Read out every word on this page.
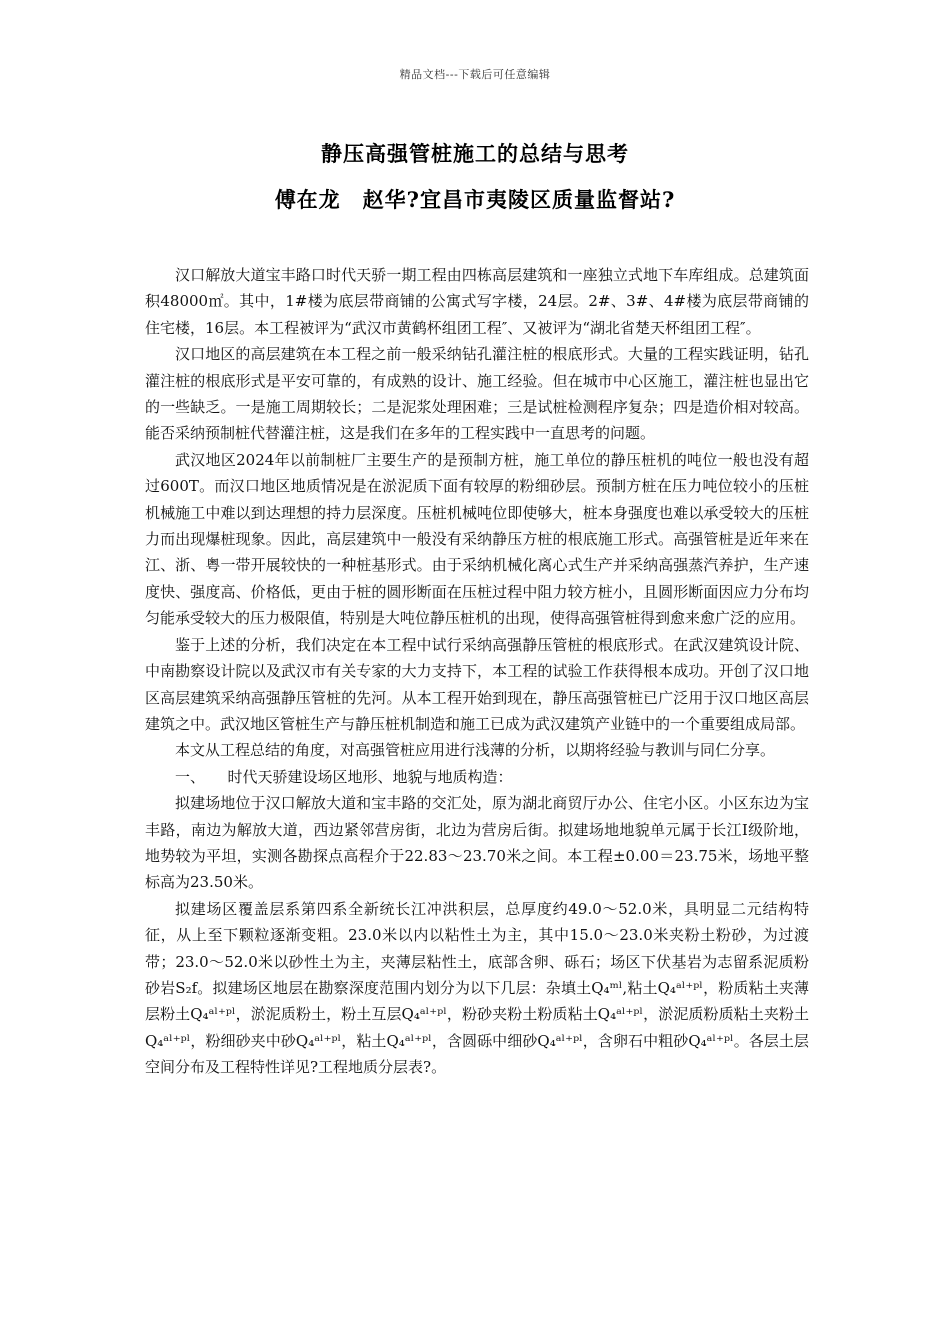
精品文档---下载后可任意编辑
静压高强管桩施工的总结与思考
傅在龙　赵华?宜昌市夷陵区质量监督站?

汉口解放大道宝丰路口时代天骄一期工程由四栋高层建筑和一座独立式地下车库组成。总建筑面积48000㎡。其中，1#楼为底层带商铺的公寓式写字楼，24层。2#、3#、4#楼为底层带商铺的住宅楼，16层。本工程被评为“武汉市黄鹤杯组团工程″、又被评为“湖北省楚天杯组团工程″。

汉口地区的高层建筑在本工程之前一般采纳钻孔灌注桩的根底形式。大量的工程实践证明，钻孔灌注桩的根底形式是平安可靠的，有成熟的设计、施工经验。但在城市中心区施工，灌注桩也显出它的一些缺乏。一是施工周期较长；二是泥浆处理困难；三是试桩检测程序复杂；四是造价相对较高。能否采纳预制桩代替灌注桩，这是我们在多年的工程实践中一直思考的问题。

武汉地区2024年以前制桩厂主要生产的是预制方桩，施工单位的静压桩机的吨位一般也没有超过600T。而汉口地区地质情况是在淤泥质下面有较厚的粉细砂层。预制方桩在压力吨位较小的压桩机械施工中难以到达理想的持力层深度。压桩机械吨位即使够大，桩本身强度也难以承受较大的压桩力而出现爆桩现象。因此，高层建筑中一般没有采纳静压方桩的根底施工形式。高强管桩是近年来在江、浙、粤一带开展较快的一种桩基形式。由于采纳机械化离心式生产并采纳高强蒸汽养护，生产速度快、强度高、价格低，更由于桩的圆形断面在压桩过程中阻力较方桩小，且圆形断面因应力分布均匀能承受较大的压力极限值，特别是大吨位静压桩机的出现，使得高强管桩得到愈来愈广泛的应用。

鉴于上述的分析，我们决定在本工程中试行采纳高强静压管桩的根底形式。在武汉建筑设计院、中南勘察设计院以及武汉市有关专家的大力支持下，本工程的试验工作获得根本成功。开创了汉口地区高层建筑采纳高强静压管桩的先河。从本工程开始到现在，静压高强管桩已广泛用于汉口地区高层建筑之中。武汉地区管桩生产与静压桩机制造和施工已成为武汉建筑产业链中的一个重要组成局部。

本文从工程总结的角度，对高强管桩应用进行浅薄的分析，以期将经验与教训与同仁分享。

一、　　时代天骄建设场区地形、地貌与地质构造：

拟建场地位于汉口解放大道和宝丰路的交汇处，原为湖北商贸厅办公、住宅小区。小区东边为宝丰路，南边为解放大道，西边紧邻营房街，北边为营房后街。拟建场地地貌单元属于长江Ⅰ级阶地，地势较为平坦，实测各勘探点高程介于22.83～23.70米之间。本工程±0.00＝23.75米，场地平整标高为23.50米。

拟建场区覆盖层系第四系全新统长江冲洪积层，总厚度约49.0～52.0米，具明显二元结构特征，从上至下颗粒逐渐变粗。23.0米以内以粘性土为主，其中15.0～23.0米夹粉土粉砂，为过渡带；23.0～52.0米以砂性土为主，夹薄层粘性土，底部含卵、砾石；场区下伏基岩为志留系泥质粉砂岩S₂f。拟建场区地层在勘察深度范围内划分为以下几层：杂填土Q₄ᵐˡ,粘土Q₄ᵃˡ⁺ᵖˡ，粉质粘土夹薄层粉土Q₄ᵃˡ⁺ᵖˡ，淤泥质粉土，粉土互层Q₄ᵃˡ⁺ᵖˡ，粉砂夹粉土粉质粘土Q₄ᵃˡ⁺ᵖˡ，淤泥质粉质粘土夹粉土Q₄ᵃˡ⁺ᵖˡ，粉细砂夹中砂Q₄ᵃˡ⁺ᵖˡ，粘土Q₄ᵃˡ⁺ᵖˡ，含圆砾中细砂Q₄ᵃˡ⁺ᵖˡ，含卵石中粗砂Q₄ᵃˡ⁺ᵖˡ。各层土层空间分布及工程特性详见?工程地质分层表?。
